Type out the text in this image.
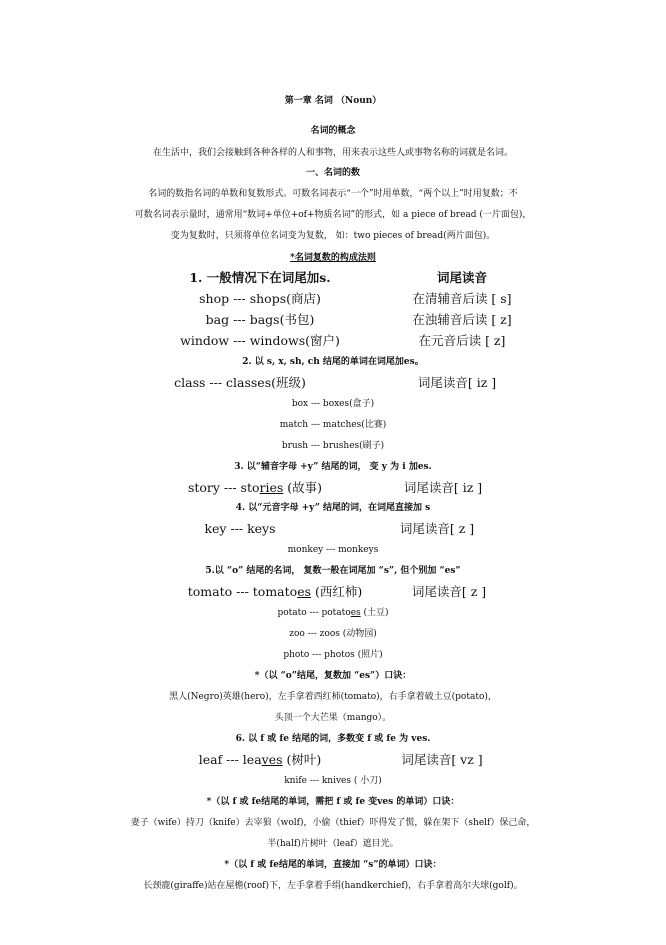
第一章 名词 （Noun）
名词的概念
在生活中，我们会接触到各种各样的人和事物，用来表示这些人或事物名称的词就是名词。
一、名词的数
名词的数指名词的单数和复数形式。可数名词表示“一个”时用单数，“两个以上”时用复数；不
可数名词表示量时，通常用“数词+单位+of+物质名词”的形式，如 a piece of bread (一片面包)，
变为复数时，只须将单位名词变为复数， 如：two pieces of bread(两片面包)。
*名词复数的构成法则
1. 一般情况下在词尾加s.	词尾读音
shop --- shops(商店)	在清辅音后读 [ s]
bag --- bags(书包)	在浊辅音后读 [ z]
window --- windows(窗户)	在元音后读 [ z]
2. 以 s, x, sh, ch 结尾的单词在词尾加es。
class --- classes(班级)	词尾读音[ iz ]
box --- boxes(盒子)
match --- matches(比赛)
brush --- brushes(刷子)
3. 以“辅音字母 +y” 结尾的词， 变 y 为 i 加es.
story --- stories (故事)	词尾读音[ iz ]
4. 以“元音字母 +y” 结尾的词，在词尾直接加 s
key --- keys	词尾读音[ z ]
monkey --- monkeys
5.以 “o” 结尾的名词， 复数一般在词尾加 “s”, 但个别加 “es”
tomato --- tomatoes (西红柿)	词尾读音[ z ]
potato --- potatoes (土豆)
zoo --- zoos (动物园)
photo --- photos (照片)
*（以 “o”结尾，复数加 “es”）口诀：
黑人(Negro)英雄(hero)，左手拿着西红柿(tomato)，右手拿着破土豆(potato)，
头顶一个大芒果（mango）。
6. 以 f 或 fe 结尾的词，多数变 f 或 fe 为 ves.
leaf --- leaves (树叶)	词尾读音[ vz ]
knife --- knives ( 小刀)
*（以 f 或 fe结尾的单词，需把 f 或 fe 变ves 的单词）口诀：
妻子（wife）持刀（knife）去宰狼（wolf)，小偷（thief）吓得发了慌，躲在架下（shelf）保己命，
半(half)片树叶（leaf）遮目光。
*（以 f 或 fe结尾的单词，直接加 “s”的单词）口诀：
长颈鹿(giraffe)站在屋檐(roof)下，左手拿着手绢(handkerchief)，右手拿着高尔夫球(golf)。
